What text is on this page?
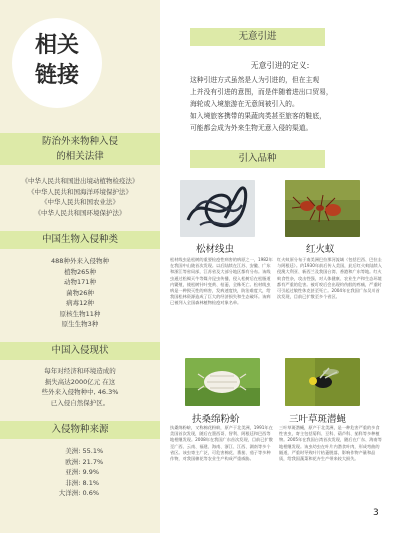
相关
链接
防治外来物种入侵
的相关法律
《中华人民共和国进出境动植物检疫法》
《中华人民共和国海洋环境保护法》
《中华人民共和国农业法》
《中华人民共和国环境保护法》
中国生物入侵种类
488种外来入侵物种
植物265种
动物171种
菌物26种
病毒12种
原核生物11种
原生生物3种
中国入侵现状
每年对经济和环境造成的
损失高达2000亿元 在这
些外来入侵物种中, 46.3%
已入侵自然保护区。
入侵物种来源
美洲: 55.1%
欧洲: 21.7%
亚洲: 9.9%
非洲: 8.1%
大洋洲: 0.6%
无意引进
无意引进的定义:
这种引进方式虽然是人为引进的，但在主观
上并没有引进的意图，而是伴随着进出口贸易，
海轮或入境旅游在无意间被引入的。
如入境旅客携带的果蔬肉类甚至旅客的鞋底，
可能都会成为外来生物无意入侵的渠道。
引入品种
松材线虫	红火蚁
松材线虫是松树的重要检疫性病害的病原之一，1982年在我国中山陵首次发现。以后陆续在江苏、安徽、广东和浙江等省局部，江苏省及大部分地区都有分布。该线虫通过松褐天牛等媒介昆虫传播，侵入松树后在松脂道内繁殖，使松树针叶变黄、枯萎，全株死亡。松材线虫病是一种毁灭性的病害，发病速度快，防治难度大，给我国松林资源造成了巨大的经济损失和生态破坏。该病已被列入全国森林植物检疫对象名单。
红火蚁原分布于南美洲巴拉那河流域（包括巴西、巴拉圭与阿根廷）。约1930年前后传入美国，此后红火蚁陆续入侵澳大利亚、新西兰及我国台湾、香港和广东等地。红火蚁食性杂，攻击性强，对人体健康、农业生产和生态环境都有严重的危害。被叮咬后会出现灼伤般的疼痛，严重时可引起过敏性休克甚至死亡。2004年在我国广东吴川首次发现，目前已扩散至多个省区。
扶桑绵粉蚧	三叶草斑潜蝇
扶桑绵粉蚧，又称棉花粉蚧，原产于北美洲，1991年在美国首次发现，随后在墨西哥、智利、阿根廷和巴西等地相继发现。2008年在我国广东首次发现，目前已扩散至广西、云南、福建、海南、浙江、江西、湖南等多个省区。该虫寄主广泛，可危害棉花、番茄、茄子等多种作物，对我国棉花等农业生产构成严重威胁。
三叶草斑潜蝇，原产于北美洲，是一种危害严重的多食性害虫，寄主包括菊科、豆科、葫芦科、茄科等多种植物。2005年在我国台湾首次发现，随后在广东、海南等地相继发现。该虫幼虫在叶片内潜食叶肉，形成弯曲的隧道，严重时导致叶片枯萎脱落，影响作物产量和品质，给我国蔬菜和花卉生产带来较大损失。
3
